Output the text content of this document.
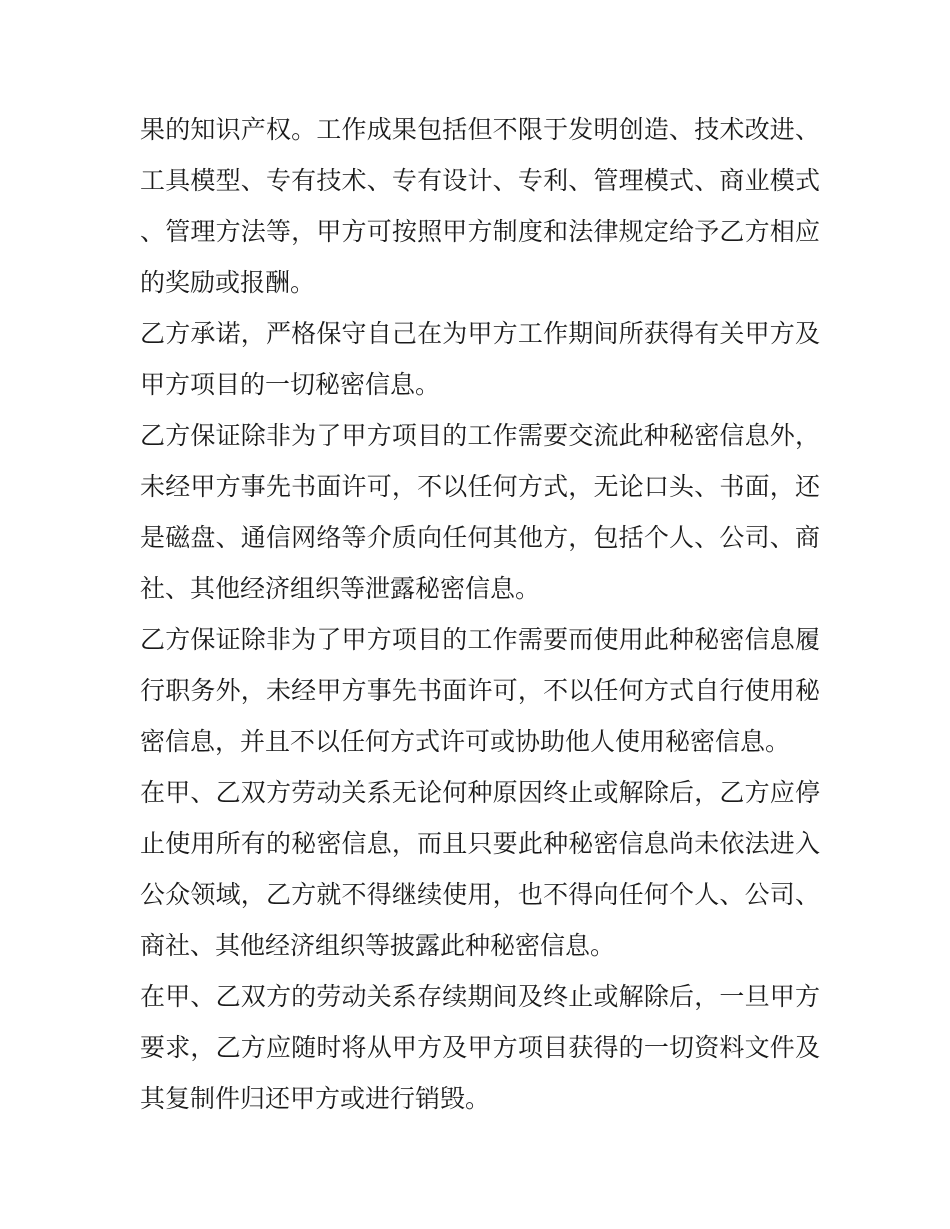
果的知识产权。工作成果包括但不限于发明创造、技术改进、工具模型、专有技术、专有设计、专利、管理模式、商业模式、管理方法等，甲方可按照甲方制度和法律规定给予乙方相应的奖励或报酬。

乙方承诺，严格保守自己在为甲方工作期间所获得有关甲方及甲方项目的一切秘密信息。

乙方保证除非为了甲方项目的工作需要交流此种秘密信息外，未经甲方事先书面许可，不以任何方式，无论口头、书面，还是磁盘、通信网络等介质向任何其他方，包括个人、公司、商社、其他经济组织等泄露秘密信息。

乙方保证除非为了甲方项目的工作需要而使用此种秘密信息履行职务外，未经甲方事先书面许可，不以任何方式自行使用秘密信息，并且不以任何方式许可或协助他人使用秘密信息。

在甲、乙双方劳动关系无论何种原因终止或解除后，乙方应停止使用所有的秘密信息，而且只要此种秘密信息尚未依法进入公众领域，乙方就不得继续使用，也不得向任何个人、公司、商社、其他经济组织等披露此种秘密信息。

在甲、乙双方的劳动关系存续期间及终止或解除后，一旦甲方要求，乙方应随时将从甲方及甲方项目获得的一切资料文件及其复制件归还甲方或进行销毁。
